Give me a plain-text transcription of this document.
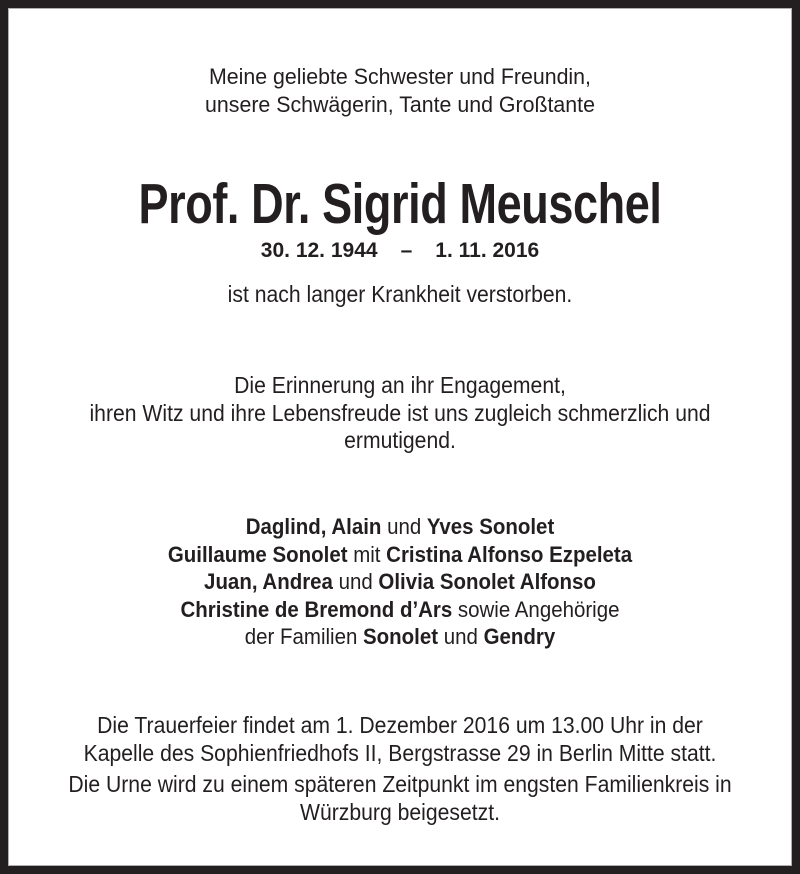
Meine geliebte Schwester und Freundin,
unsere Schwägerin, Tante und Großtante
Prof. Dr. Sigrid Meuschel
30. 12. 1944 – 1. 11. 2016
ist nach langer Krankheit verstorben.
Die Erinnerung an ihr Engagement,
ihren Witz und ihre Lebensfreude ist uns zugleich schmerzlich und
ermutigend.
Daglind, Alain und Yves Sonolet
Guillaume Sonolet mit Cristina Alfonso Ezpeleta
Juan, Andrea und Olivia Sonolet Alfonso
Christine de Bremond d’Ars sowie Angehörige
der Familien Sonolet und Gendry
Die Trauerfeier findet am 1. Dezember 2016 um 13.00 Uhr in der
Kapelle des Sophienfriedhofs II, Bergstrasse 29 in Berlin Mitte statt.
Die Urne wird zu einem späteren Zeitpunkt im engsten Familienkreis in
Würzburg beigesetzt.
